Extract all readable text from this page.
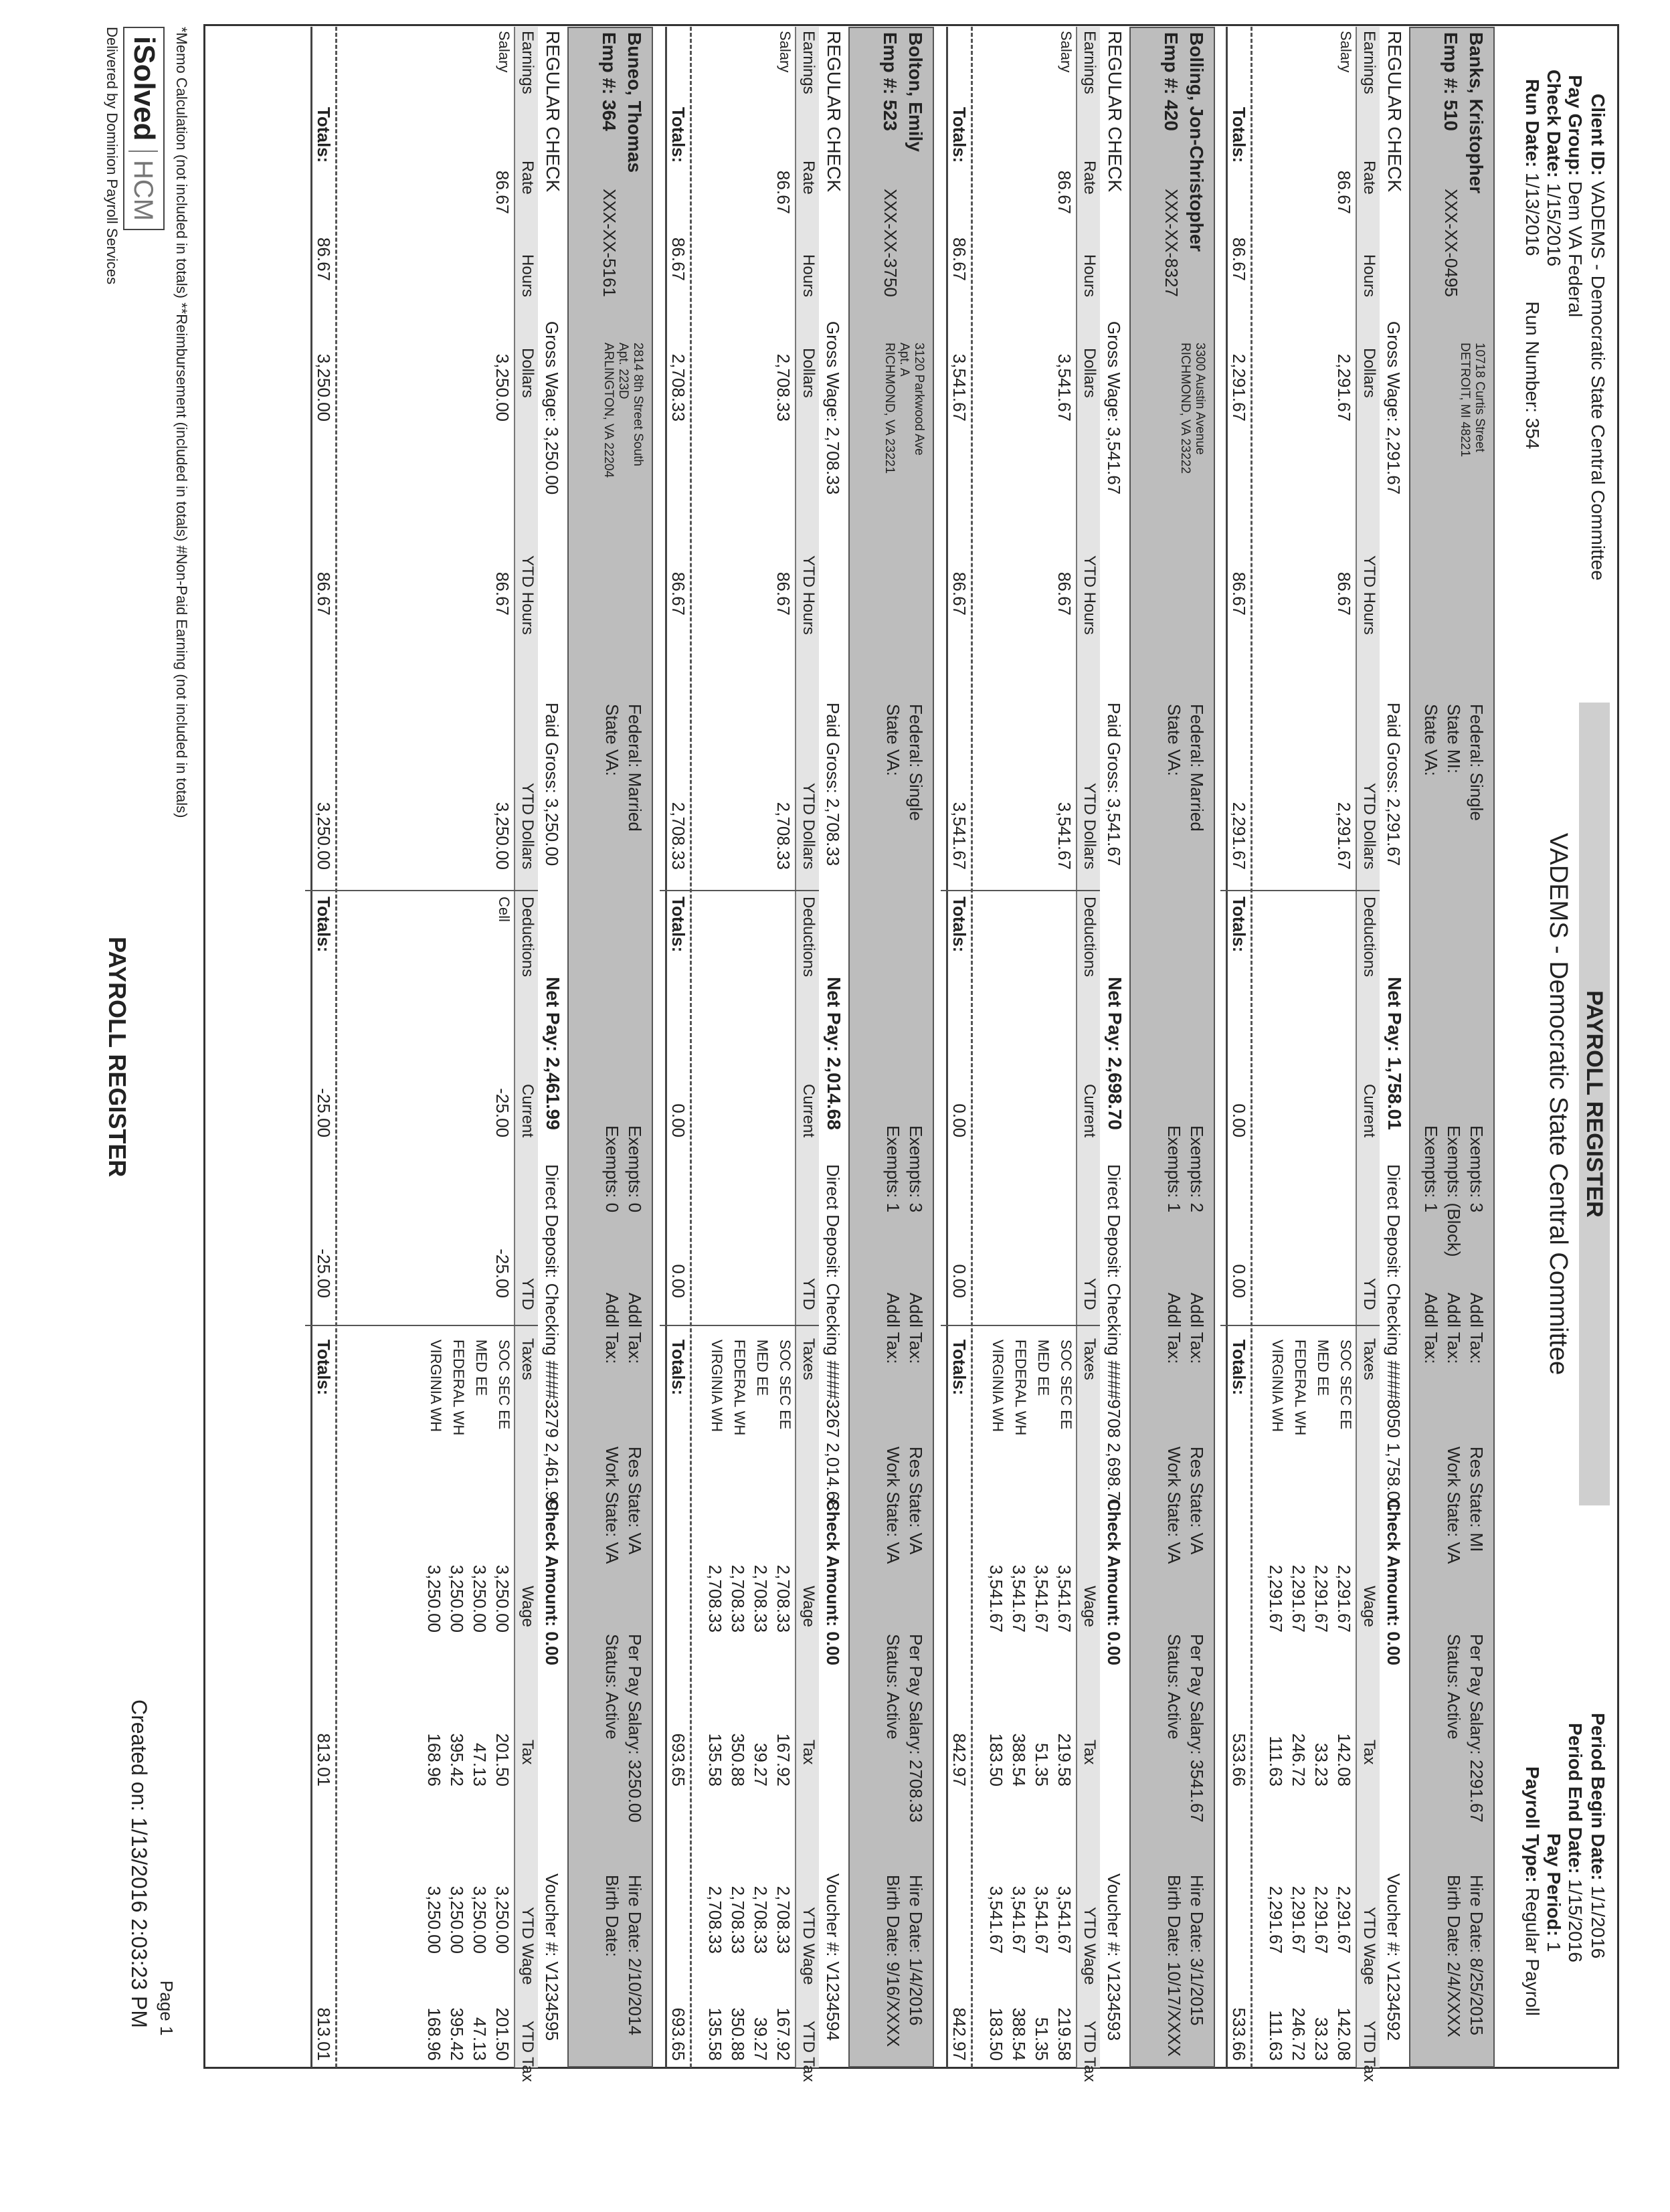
PAYROLL REGISTER
VADEMS - Democratic State Central Committee
Client ID: VADEMS - Democratic State Central Committee
Pay Group: Dem VA Federal
Check Date: 1/15/2016
Run Date: 1/13/2016 Run Number: 354
Period Begin Date: 1/1/2016
Period End Date: 1/15/2016
Pay Period: 1
Payroll Type: Regular Payroll
Banks, Kristopher
Emp #: 510
XXX-XX-0495
10718 Curtis Street
DETROIT, MI 48221
Federal: Single
State MI:
State VA:
Exempts: 3
Addl Tax:
Exempts: (Block)
Addl Tax:
Exempts: 1
Addl Tax:
Res State: MI
Work State: VA
Per Pay Salary: 2291.67
Status: Active
Hire Date: 8/25/2015
Birth Date: 2/4/XXXX
REGULAR CHECK
Gross Wage: 2,291.67
Paid Gross: 2,291.67
Net Pay: 1,758.01
Direct Deposit: Checking ####8050 1,758.01
Check Amount: 0.00
Voucher #: V1234592
Earnings
Rate
Hours
Dollars
YTD Hours
YTD Dollars
Deductions
Current
YTD
Taxes
Wage
Tax
YTD Wage
YTD Tax
Salary
86.67
2,291.67
86.67
2,291.67
SOC SEC EE
2,291.67
142.08
2,291.67
142.08
MED EE
2,291.67
33.23
2,291.67
33.23
FEDERAL WH
2,291.67
246.72
2,291.67
246.72
VIRGINIA WH
2,291.67
111.63
2,291.67
111.63
Totals:
86.67
2,291.67
86.67
2,291.67
Totals:
0.00
0.00
Totals:
533.66
533.66
Bolling, Jon-Christopher
Emp #: 420
XXX-XX-8327
3300 Austin Avenue
RICHMOND, VA 23222
Federal: Married
State VA:
Exempts: 2
Addl Tax:
Exempts: 1
Addl Tax:
Res State: VA
Work State: VA
Per Pay Salary: 3541.67
Status: Active
Hire Date: 3/1/2015
Birth Date: 10/17/XXXX
REGULAR CHECK
Gross Wage: 3,541.67
Paid Gross: 3,541.67
Net Pay: 2,698.70
Direct Deposit: Checking ####9708 2,698.70
Check Amount: 0.00
Voucher #: V1234593
Earnings
Rate
Hours
Dollars
YTD Hours
YTD Dollars
Deductions
Current
YTD
Taxes
Wage
Tax
YTD Wage
YTD Tax
Salary
86.67
3,541.67
86.67
3,541.67
SOC SEC EE
3,541.67
219.58
3,541.67
219.58
MED EE
3,541.67
51.35
3,541.67
51.35
FEDERAL WH
3,541.67
388.54
3,541.67
388.54
VIRGINIA WH
3,541.67
183.50
3,541.67
183.50
Totals:
86.67
3,541.67
86.67
3,541.67
Totals:
0.00
0.00
Totals:
842.97
842.97
Bolton, Emily
Emp #: 523
XXX-XX-3750
3120 Parkwood Ave
Apt. A
RICHMOND, VA 23221
Federal: Single
State VA:
Exempts: 3
Addl Tax:
Exempts: 1
Addl Tax:
Res State: VA
Work State: VA
Per Pay Salary: 2708.33
Status: Active
Hire Date: 1/4/2016
Birth Date: 9/16/XXXX
REGULAR CHECK
Gross Wage: 2,708.33
Paid Gross: 2,708.33
Net Pay: 2,014.68
Direct Deposit: Checking ####3267 2,014.68
Check Amount: 0.00
Voucher #: V1234594
Earnings
Rate
Hours
Dollars
YTD Hours
YTD Dollars
Deductions
Current
YTD
Taxes
Wage
Tax
YTD Wage
YTD Tax
Salary
86.67
2,708.33
86.67
2,708.33
SOC SEC EE
2,708.33
167.92
2,708.33
167.92
MED EE
2,708.33
39.27
2,708.33
39.27
FEDERAL WH
2,708.33
350.88
2,708.33
350.88
VIRGINIA WH
2,708.33
135.58
2,708.33
135.58
Totals:
86.67
2,708.33
86.67
2,708.33
Totals:
0.00
0.00
Totals:
693.65
693.65
Buneo, Thomas
Emp #: 364
XXX-XX-5161
2814 8th Street South
Apt. 223D
ARLINGTON, VA 22204
Federal: Married
State VA:
Exempts: 0
Addl Tax:
Exempts: 0
Addl Tax:
Res State: VA
Work State: VA
Per Pay Salary: 3250.00
Status: Active
Hire Date: 2/10/2014
Birth Date:
REGULAR CHECK
Gross Wage: 3,250.00
Paid Gross: 3,250.00
Net Pay: 2,461.99
Direct Deposit: Checking ####3279 2,461.99
Check Amount: 0.00
Voucher #: V1234595
Earnings
Rate
Hours
Dollars
YTD Hours
YTD Dollars
Deductions
Current
YTD
Taxes
Wage
Tax
YTD Wage
YTD Tax
Salary
86.67
3,250.00
86.67
3,250.00
Cell
-25.00
-25.00
SOC SEC EE
3,250.00
201.50
3,250.00
201.50
MED EE
3,250.00
47.13
3,250.00
47.13
FEDERAL WH
3,250.00
395.42
3,250.00
395.42
VIRGINIA WH
3,250.00
168.96
3,250.00
168.96
Totals:
86.67
3,250.00
86.67
3,250.00
Totals:
-25.00
-25.00
Totals:
813.01
813.01
*Memo Calculation (not included in totals) **Reimbursement (included in totals) #Non-Paid Earning (not included in totals)
iSolved HCM
Delivered by Dominion Payroll Services
PAYROLL REGISTER
Page 1
Created on: 1/13/2016 2:03:23 PM
